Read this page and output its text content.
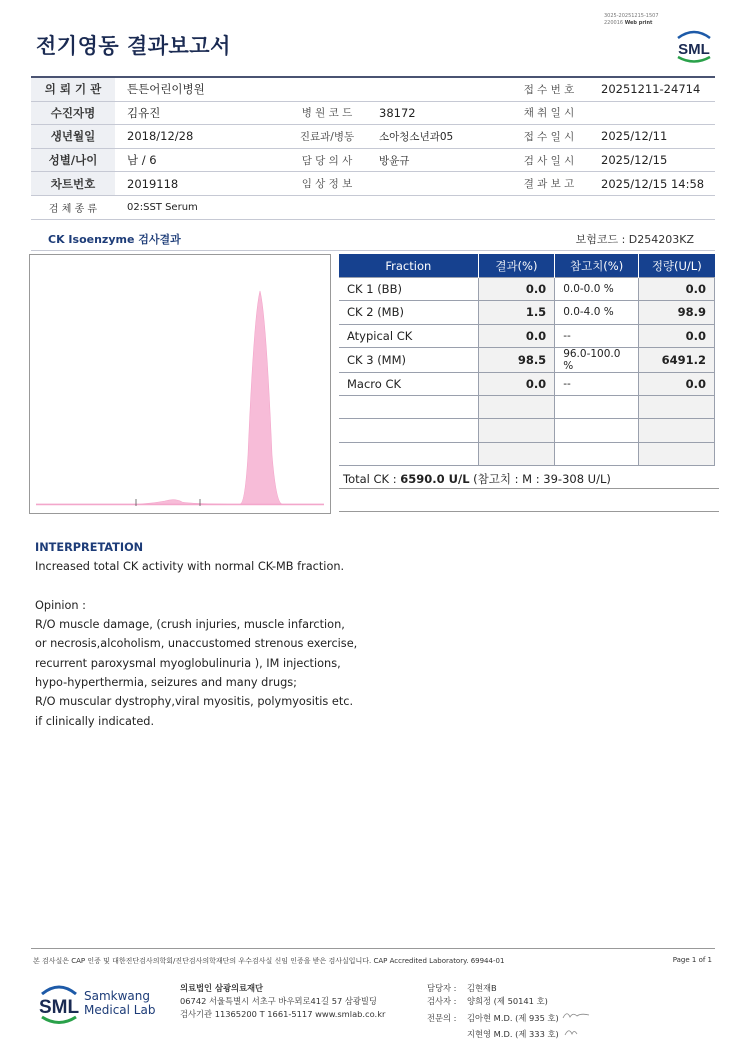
전기영동 결과보고서
3025-20251215-1507
220016 Web print
SML
의 뢰 기 관	튼튼어린이병원			접 수 번 호	20251211-24714
수진자명	김유진	병 원 코 드	38172	채 취 일 시	
생년월일	2018/12/28	진료과/병동	소아청소년과05	접 수 일 시	2025/12/11
성별/나이	남 / 6	담 당 의 사	방윤규	검 사 일 시	2025/12/15
차트번호	2019118	임 상 정 보		결 과 보 고	2025/12/15 14:58
검 체 종 류	02:SST Serum				
CK Isoenzyme 검사결과	보험코드 : D254203KZ
Fraction	결과(%)	참고치(%)	정량(U/L)
CK 1 (BB)	0.0	0.0-0.0 %	0.0
CK 2 (MB)	1.5	0.0-4.0 %	98.9
Atypical CK	0.0	--	0.0
CK 3 (MM)	98.5	96.0-100.0 %	6491.2
Macro CK	0.0	--	0.0

Total CK : 6590.0 U/L (참고치 : M : 39-308 U/L)
INTERPRETATION
Increased total CK activity with normal CK-MB fraction.

Opinion :
R/O muscle damage, (crush injuries, muscle infarction,
or necrosis,alcoholism, unaccustomed strenous exercise,
recurrent paroxysmal myoglobulinuria ), IM injections,
hypo-hyperthermia, seizures and many drugs;
R/O muscular dystrophy,viral myositis, polymyositis etc.
if clinically indicated.
본 검사실은 CAP 인증 및 대한진단검사의학회/진단검사의학재단의 우수검사실 신임 인증을 받은 검사실입니다. CAP Accredited Laboratory. 69944-01	Page 1 of 1
SML
Samkwang
Medical Lab
의료법인 삼광의료재단
06742 서울특별시 서초구 바우뫼로41길 57 삼광빌딩
검사기관 11365200 T 1661-5117 www.smlab.co.kr
담당자 : 김현재B
검사자 : 양희정 (제 50141 호)
전문의 : 김아현 M.D. (제 935 호)
지현영 M.D. (제 333 호)
